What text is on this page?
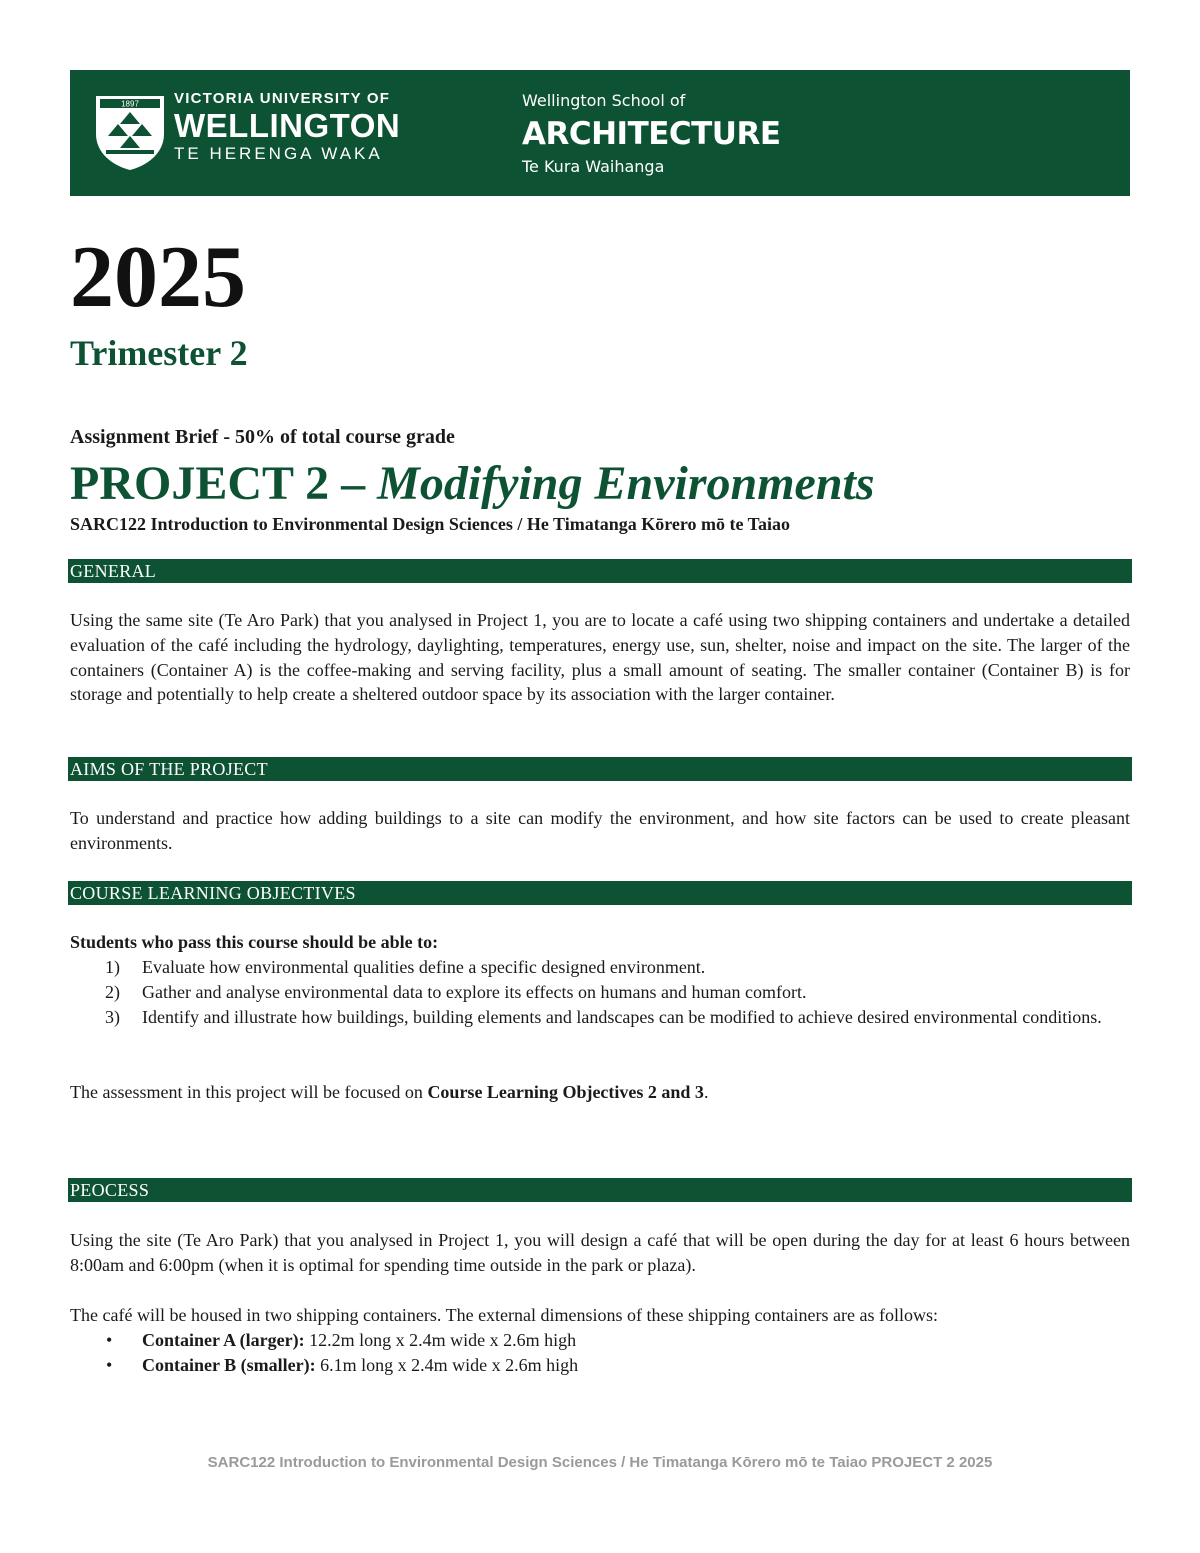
1897 VICTORIA UNIVERSITY OF
WELLINGTON
TE HERENGA WAKA
Wellington School of
ARCHITECTURE
Te Kura Waihanga
2025
Trimester 2
Assignment Brief - 50% of total course grade
PROJECT 2 – Modifying Environments
SARC122 Introduction to Environmental Design Sciences / He Timatanga Kōrero mō te Taiao
GENERAL
Using the same site (Te Aro Park) that you analysed in Project 1, you are to locate a café using two shipping containers and undertake a detailed evaluation of the café including the hydrology, daylighting, temperatures, energy use, sun, shelter, noise and impact on the site. The larger of the containers (Container A) is the coffee-making and serving facility, plus a small amount of seating. The smaller container (Container B) is for storage and potentially to help create a sheltered outdoor space by its association with the larger container.
AIMS OF THE PROJECT
To understand and practice how adding buildings to a site can modify the environment, and how site factors can be used to create pleasant environments.
COURSE LEARNING OBJECTIVES
Students who pass this course should be able to:
1) Evaluate how environmental qualities define a specific designed environment.
2) Gather and analyse environmental data to explore its effects on humans and human comfort.
3) Identify and illustrate how buildings, building elements and landscapes can be modified to achieve desired environmental conditions.
The assessment in this project will be focused on Course Learning Objectives 2 and 3.
PEOCESS
Using the site (Te Aro Park) that you analysed in Project 1, you will design a café that will be open during the day for at least 6 hours between 8:00am and 6:00pm (when it is optimal for spending time outside in the park or plaza).
The café will be housed in two shipping containers. The external dimensions of these shipping containers are as follows:
• Container A (larger): 12.2m long x 2.4m wide x 2.6m high
• Container B (smaller): 6.1m long x 2.4m wide x 2.6m high
SARC122 Introduction to Environmental Design Sciences / He Timatanga Kōrero mō te Taiao PROJECT 2 2025
